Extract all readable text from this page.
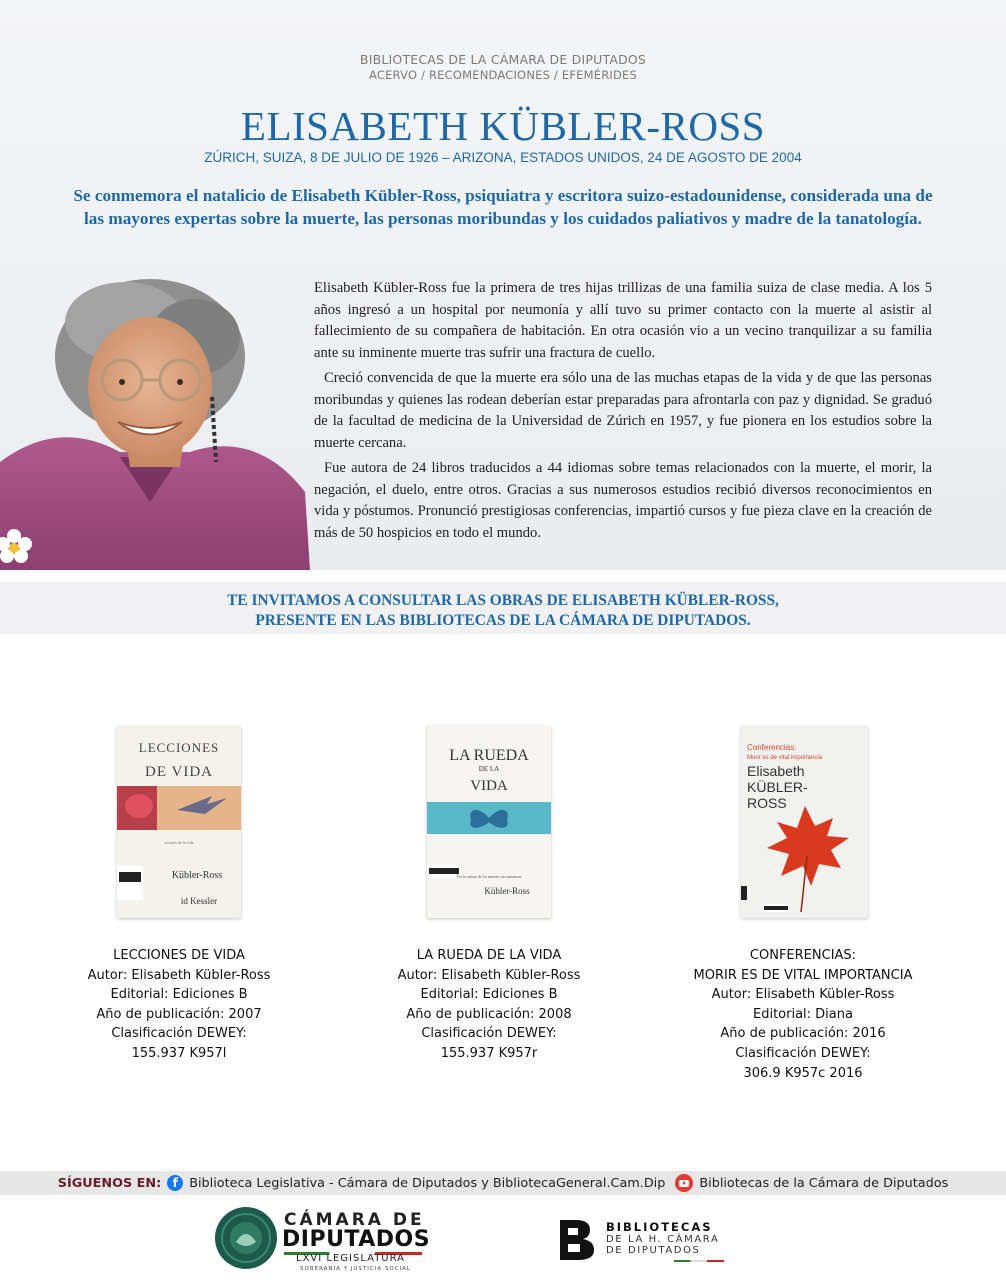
BIBLIOTECAS DE LA CÁMARA DE DIPUTADOS
ACERVO / RECOMENDACIONES / EFEMÉRIDES
ELISABETH KÜBLER-ROSS
ZÚRICH, SUIZA, 8 DE JULIO DE 1926 – ARIZONA, ESTADOS UNIDOS, 24 DE AGOSTO DE 2004
Se conmemora el natalicio de Elisabeth Kübler-Ross, psiquiatra y escritora suizo-estadounidense, considerada una de las mayores expertas sobre la muerte, las personas moribundas y los cuidados paliativos y madre de la tanatología.

Elisabeth Kübler-Ross fue la primera de tres hijas trillizas de una familia suiza de clase media. A los 5 años ingresó a un hospital por neumonía y allí tuvo su primer contacto con la muerte al asistir al fallecimiento de su compañera de habitación. En otra ocasión vio a un vecino tranquilizar a su familia ante su inminente muerte tras sufrir una fractura de cuello.

Creció convencida de que la muerte era sólo una de las muchas etapas de la vida y de que las personas moribundas y quienes las rodean deberían estar preparadas para afrontarla con paz y dignidad. Se graduó de la facultad de medicina de la Universidad de Zúrich en 1957, y fue pionera en los estudios sobre la muerte cercana.

Fue autora de 24 libros traducidos a 44 idiomas sobre temas relacionados con la muerte, el morir, la negación, el duelo, entre otros. Gracias a sus numerosos estudios recibió diversos reconocimientos en vida y póstumos. Pronunció prestigiosas conferencias, impartió cursos y fue pieza clave en la creación de más de 50 hospicios en todo el mundo.

TE INVITAMOS A CONSULTAR LAS OBRAS DE ELISABETH KÜBLER-ROSS,
PRESENTE EN LAS BIBLIOTECAS DE LA CÁMARA DE DIPUTADOS.
LECCIONES
DE VIDA
a través de la vida
Kübler-Ross
id Kessler
LA RUEDA
DE LA
VIDA
Por la autora de La muerte: un amanecer
Kübler-Ross
Conferencias:
Morir es de vital importancia
Elisabeth
KÜBLER-
ROSS
LECCIONES DE VIDA
Autor: Elisabeth Kübler-Ross
Editorial: Ediciones B
Año de publicación: 2007
Clasificación DEWEY:
155.937 K957l
LA RUEDA DE LA VIDA
Autor: Elisabeth Kübler-Ross
Editorial: Ediciones B
Año de publicación: 2008
Clasificación DEWEY:
155.937 K957r
CONFERENCIAS:
MORIR ES DE VITAL IMPORTANCIA
Autor: Elisabeth Kübler-Ross
Editorial: Diana
Año de publicación: 2016
Clasificación DEWEY:
306.9 K957c 2016
SÍGUENOS EN: f Biblioteca Legislativa - Cámara de Diputados y BibliotecaGeneral.Cam.Dip	Bibliotecas de la Cámara de Diputados
CÁMARA DE
DIPUTADOS
LXVI LEGISLATURA
SOBERANÍA Y JUSTICIA SOCIAL
BIBLIOTECAS
DE LA H. CÁMARA
DE DIPUTADOS
